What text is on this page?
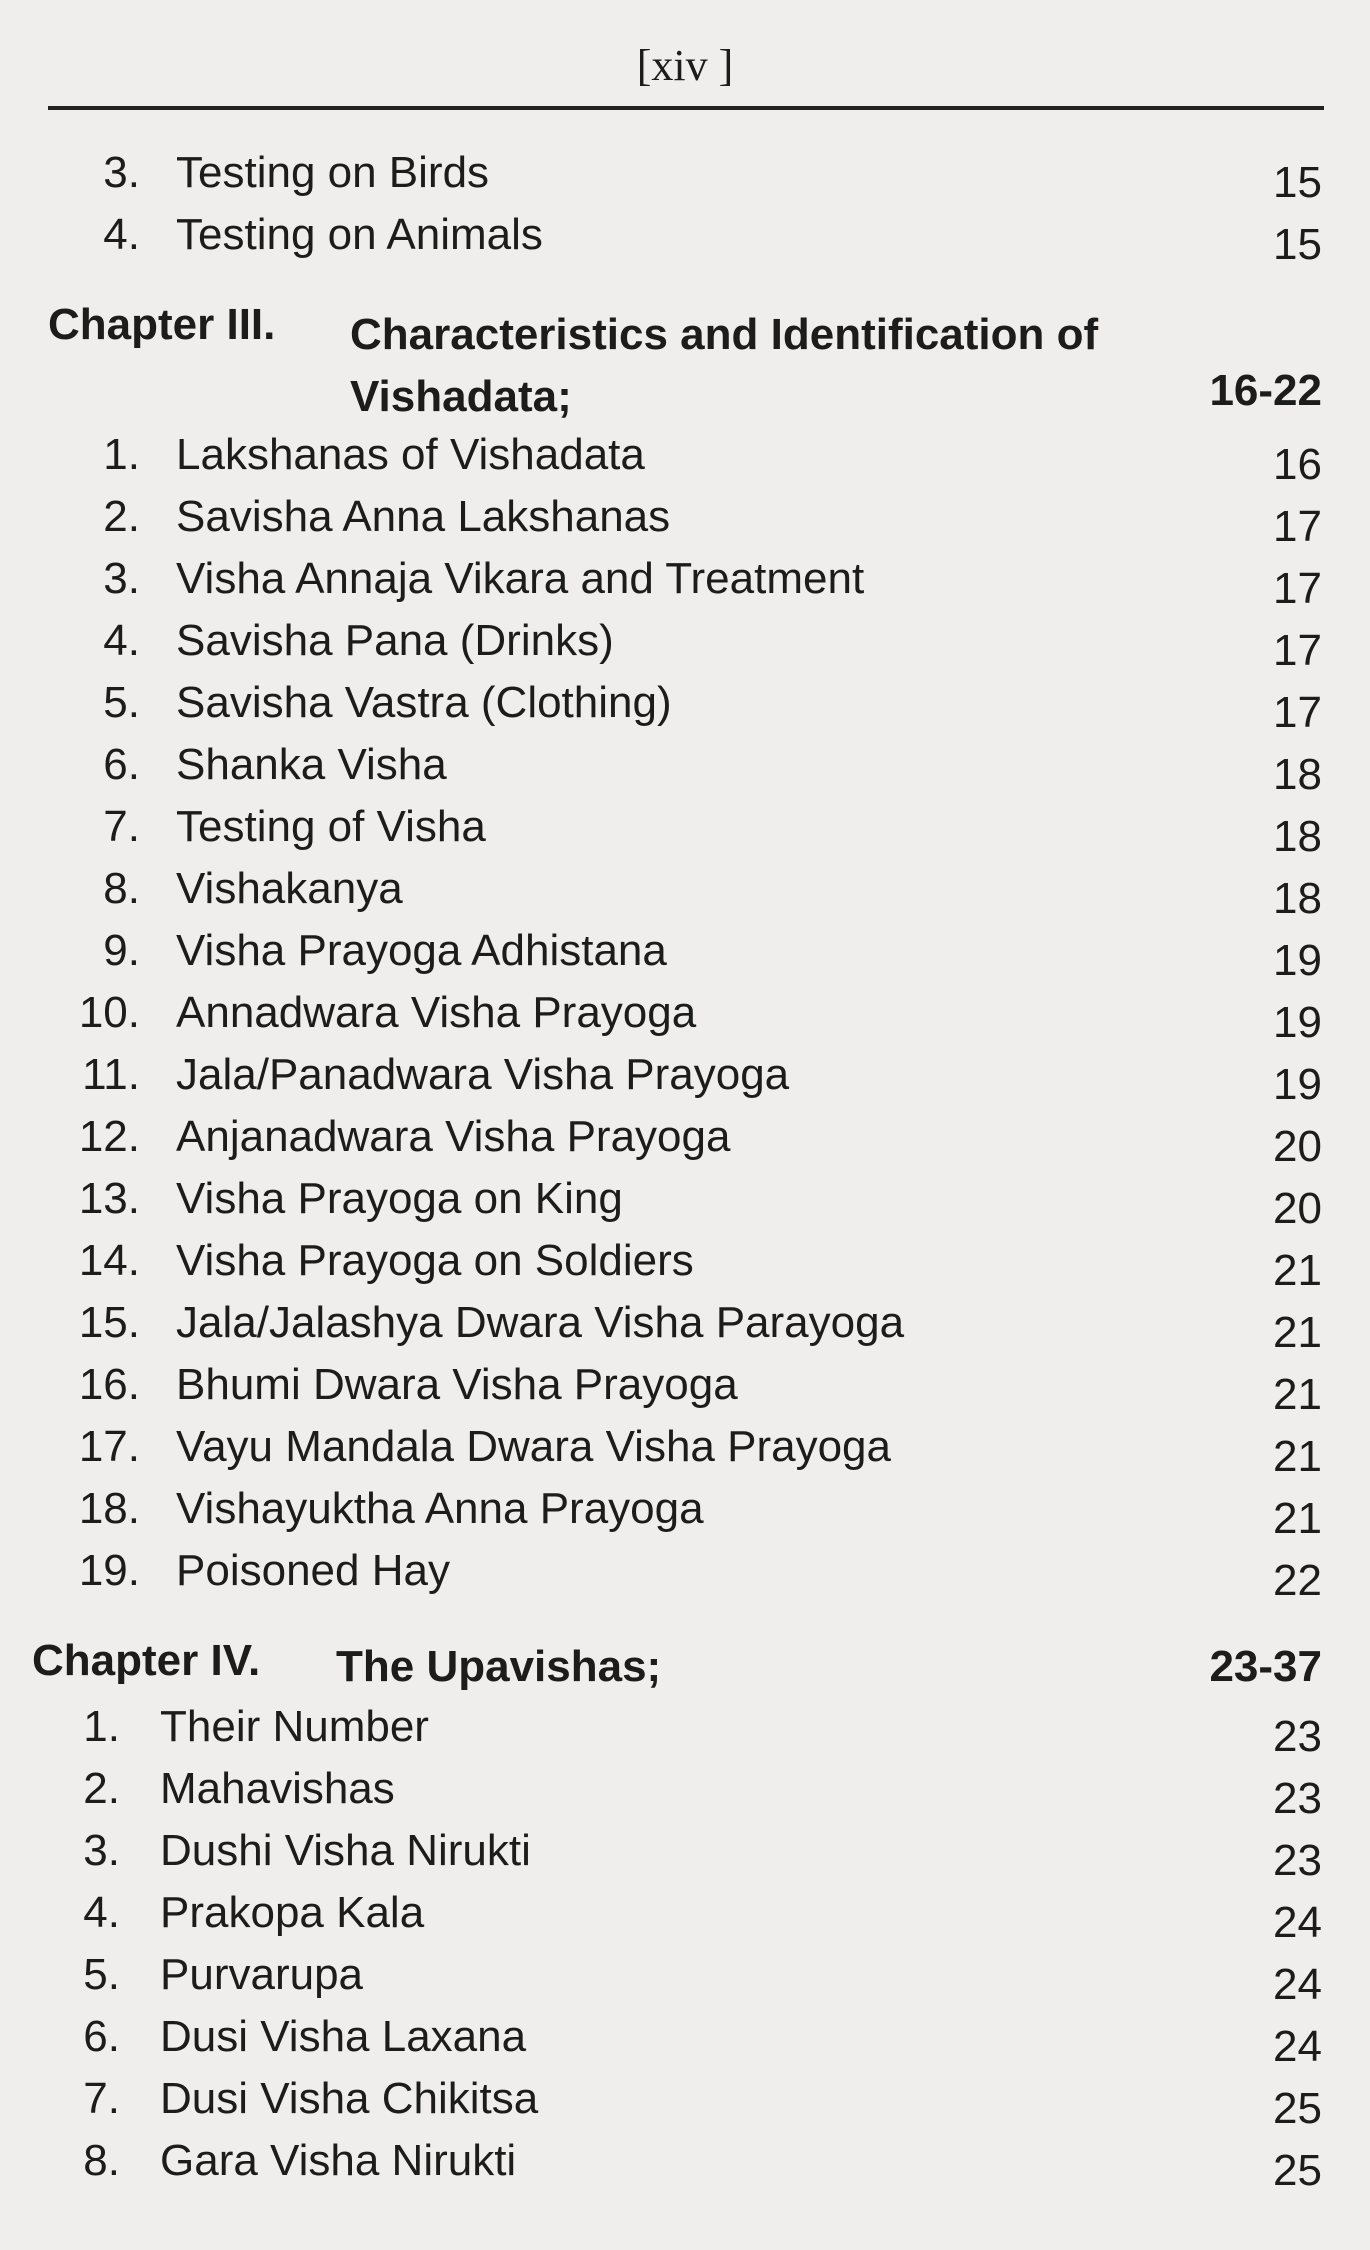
[xiv ]
3. Testing on Birds	15
4. Testing on Animals	15
Chapter III. Characteristics and Identification of Vishadata;	16-22
1. Lakshanas of Vishadata	16
2. Savisha Anna Lakshanas	17
3. Visha Annaja Vikara and Treatment	17
4. Savisha Pana (Drinks)	17
5. Savisha Vastra (Clothing)	17
6. Shanka Visha	18
7. Testing of Visha	18
8. Vishakanya	18
9. Visha Prayoga Adhistana	19
10. Annadwara Visha Prayoga	19
11. Jala/Panadwara Visha Prayoga	19
12. Anjanadwara Visha Prayoga	20
13. Visha Prayoga on King	20
14. Visha Prayoga on Soldiers	21
15. Jala/Jalashya Dwara Visha Parayoga	21
16. Bhumi Dwara Visha Prayoga	21
17. Vayu Mandala Dwara Visha Prayoga	21
18. Vishayuktha Anna Prayoga	21
19. Poisoned Hay	22
Chapter IV. The Upavishas;	23-37
1. Their Number	23
2. Mahavishas	23
3. Dushi Visha Nirukti	23
4. Prakopa Kala	24
5. Purvarupa	24
6. Dusi Visha Laxana	24
7. Dusi Visha Chikitsa	25
8. Gara Visha Nirukti	25
